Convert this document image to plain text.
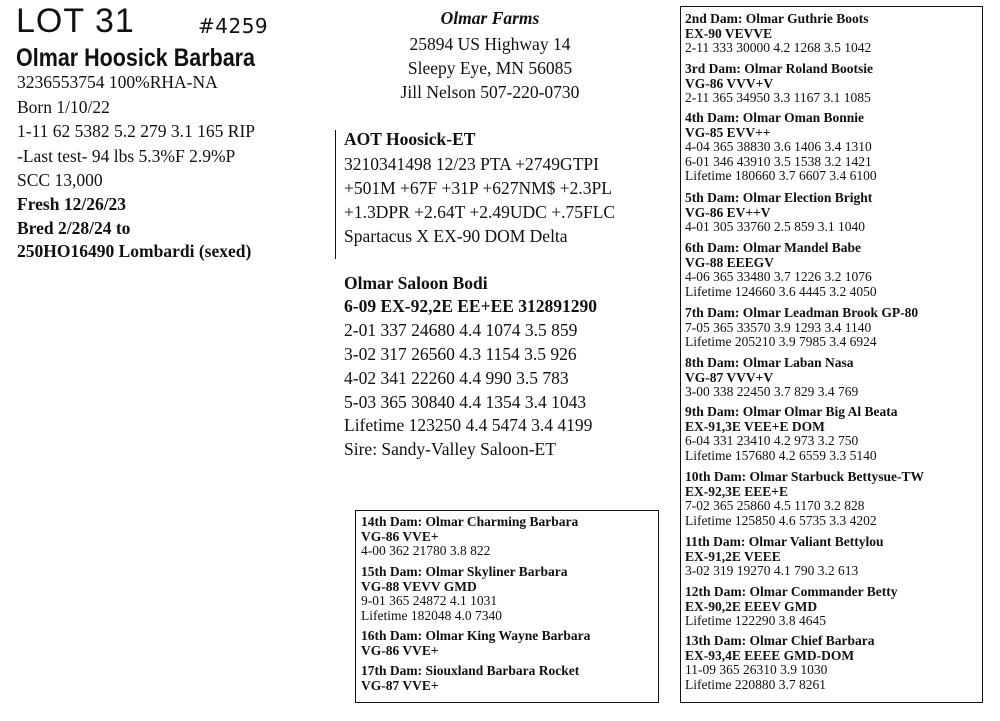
LOT 31	#4259
Olmar Hoosick Barbara
3236553754 100%RHA-NA
Born 1/10/22
1-11 62 5382 5.2 279 3.1 165 RIP
-Last test- 94 lbs 5.3%F 2.9%P
SCC 13,000
Fresh 12/26/23
Bred 2/28/24 to
250HO16490 Lombardi (sexed)
Olmar Farms
25894 US Highway 14
Sleepy Eye, MN 56085
Jill Nelson 507-220-0730
AOT Hoosick-ET
3210341498 12/23 PTA +2749GTPI
+501M +67F +31P +627NM$ +2.3PL
+1.3DPR +2.64T +2.49UDC +.75FLC
Spartacus X EX-90 DOM Delta
Olmar Saloon Bodi
6-09 EX-92,2E EE+EE 312891290
2-01 337 24680 4.4 1074 3.5 859
3-02 317 26560 4.3 1154 3.5 926
4-02 341 22260 4.4 990 3.5 783
5-03 365 30840 4.4 1354 3.4 1043
Lifetime 123250 4.4 5474 3.4 4199
Sire: Sandy-Valley Saloon-ET
2nd Dam: Olmar Guthrie Boots
EX-90 VEVVE
2-11 333 30000 4.2 1268 3.5 1042
3rd Dam: Olmar Roland Bootsie
VG-86 VVV+V
2-11 365 34950 3.3 1167 3.1 1085
4th Dam: Olmar Oman Bonnie
VG-85 EVV++
4-04 365 38830 3.6 1406 3.4 1310
6-01 346 43910 3.5 1538 3.2 1421
Lifetime 180660 3.7 6607 3.4 6100
5th Dam: Olmar Election Bright
VG-86 EV++V
4-01 305 33760 2.5 859 3.1 1040
6th Dam: Olmar Mandel Babe
VG-88 EEEGV
4-06 365 33480 3.7 1226 3.2 1076
Lifetime 124660 3.6 4445 3.2 4050
7th Dam: Olmar Leadman Brook GP-80
7-05 365 33570 3.9 1293 3.4 1140
Lifetime 205210 3.9 7985 3.4 6924
8th Dam: Olmar Laban Nasa
VG-87 VVV+V
3-00 338 22450 3.7 829 3.4 769
9th Dam: Olmar Olmar Big Al Beata
EX-91,3E VEE+E DOM
6-04 331 23410 4.2 973 3.2 750
Lifetime 157680 4.2 6559 3.3 5140
10th Dam: Olmar Starbuck Bettysue-TW
EX-92,3E EEE+E
7-02 365 25860 4.5 1170 3.2 828
Lifetime 125850 4.6 5735 3.3 4202
11th Dam: Olmar Valiant Bettylou
EX-91,2E VEEE
3-02 319 19270 4.1 790 3.2 613
12th Dam: Olmar Commander Betty
EX-90,2E EEEV GMD
Lifetime 122290 3.8 4645
13th Dam: Olmar Chief Barbara
EX-93,4E EEEE GMD-DOM
11-09 365 26310 3.9 1030
Lifetime 220880 3.7 8261
14th Dam: Olmar Charming Barbara
VG-86 VVE+
4-00 362 21780 3.8 822
15th Dam: Olmar Skyliner Barbara
VG-88 VEVV GMD
9-01 365 24872 4.1 1031
Lifetime 182048 4.0 7340
16th Dam: Olmar King Wayne Barbara
VG-86 VVE+
17th Dam: Siouxland Barbara Rocket
VG-87 VVE+
